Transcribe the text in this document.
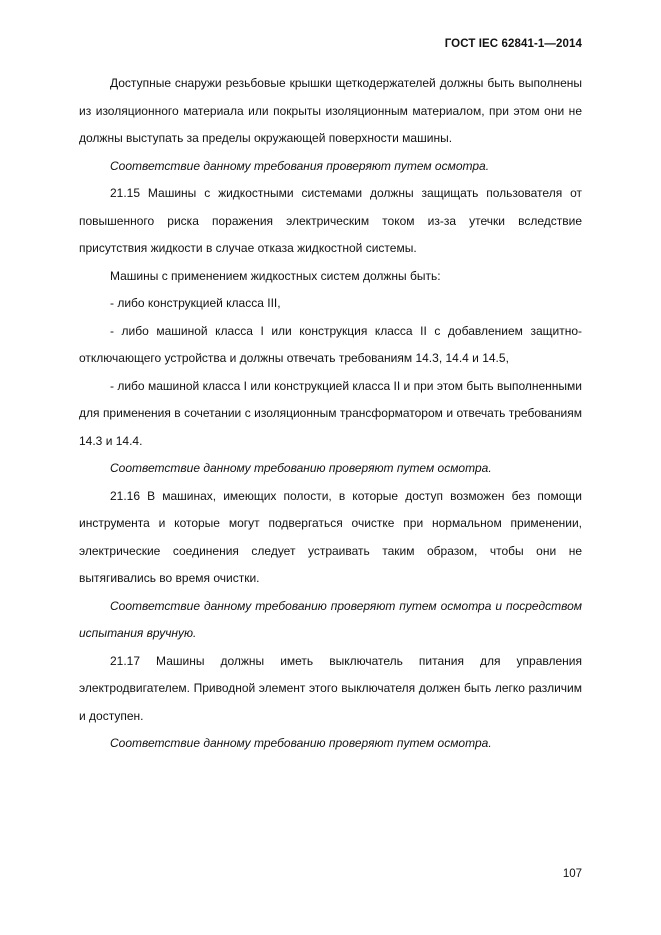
ГОСТ IEC 62841-1—2014

Доступные снаружи резьбовые крышки щеткодержателей должны быть выполнены из изоляционного материала или покрыты изоляционным материалом, при этом они не должны выступать за пределы окружающей поверхности машины.

Соответствие данному требования проверяют путем осмотра.

21.15 Машины с жидкостными системами должны защищать пользователя от повышенного риска поражения электрическим током из-за утечки вследствие присутствия жидкости в случае отказа жидкостной системы.

Машины с применением жидкостных систем должны быть:

- либо конструкцией класса III,

- либо машиной класса I или конструкция класса II с добавлением защитно-отключающего устройства и должны отвечать требованиям 14.3, 14.4 и 14.5,

- либо машиной класса I или конструкцией класса II и при этом быть выполненными для применения в сочетании с изоляционным трансформатором и отвечать требованиям 14.3 и 14.4.

Соответствие данному требованию проверяют путем осмотра.

21.16 В машинах, имеющих полости, в которые доступ возможен без помощи инструмента и которые могут подвергаться очистке при нормальном применении, электрические соединения следует устраивать таким образом, чтобы они не вытягивались во время очистки.

Соответствие данному требованию проверяют путем осмотра и посредством испытания вручную.

21.17 Машины должны иметь выключатель питания для управления электродвигателем. Приводной элемент этого выключателя должен быть легко различим и доступен.

Соответствие данному требованию проверяют путем осмотра.

107
